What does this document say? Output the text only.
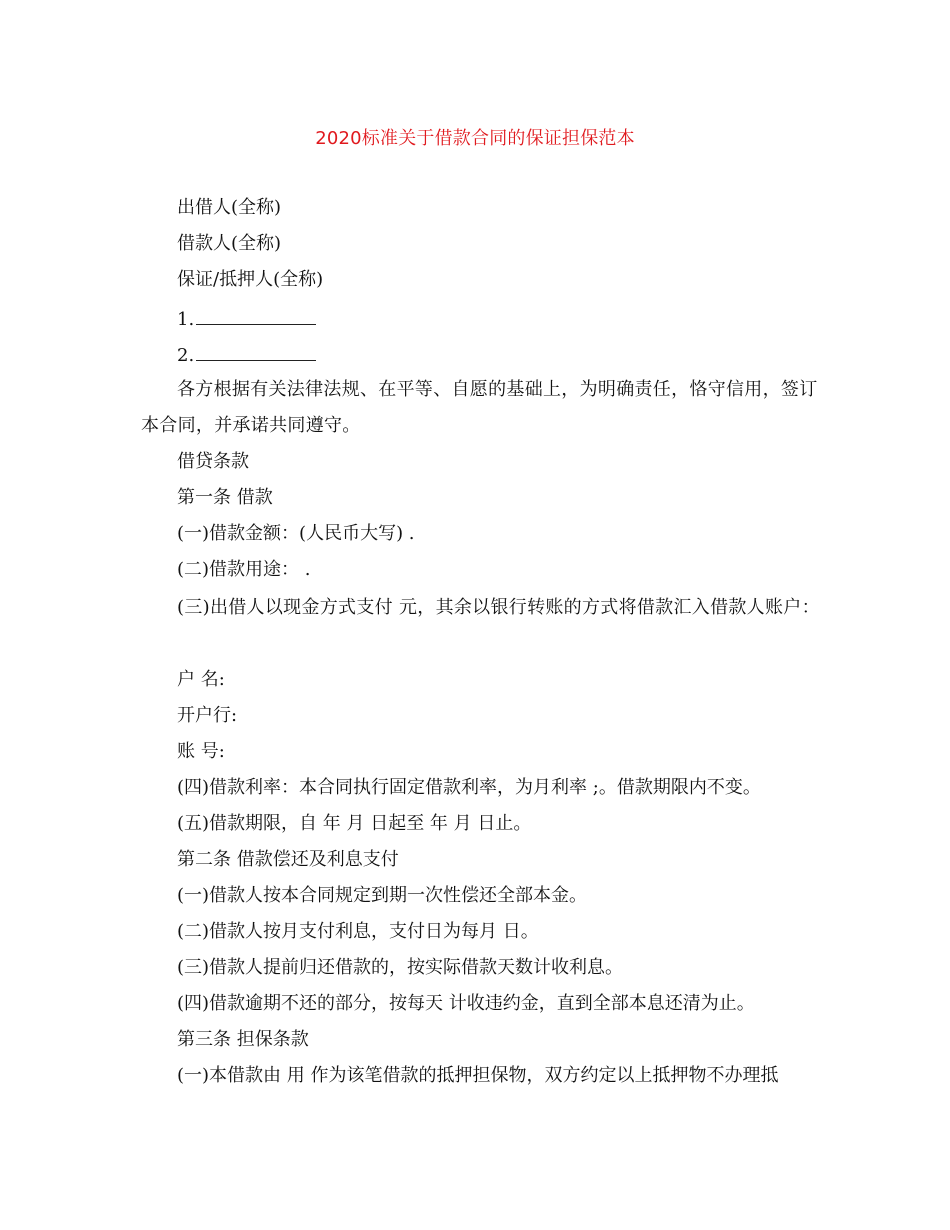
2020标准关于借款合同的保证担保范本
出借人(全称)
借款人(全称)
保证/抵押人(全称)
1.
2.
各方根据有关法律法规、在平等、自愿的基础上，为明确责任，恪守信用，签订本合同，并承诺共同遵守。
借贷条款
第一条 借款
(一)借款金额：(人民币大写) .
(二)借款用途： .
(三)出借人以现金方式支付 元，其余以银行转账的方式将借款汇入借款人账户：
户 名:
开户行:
账 号:
(四)借款利率：本合同执行固定借款利率，为月利率 ;。借款期限内不变。
(五)借款期限，自 年 月 日起至 年 月 日止。
第二条 借款偿还及利息支付
(一)借款人按本合同规定到期一次性偿还全部本金。
(二)借款人按月支付利息，支付日为每月 日。
(三)借款人提前归还借款的，按实际借款天数计收利息。
(四)借款逾期不还的部分，按每天 计收违约金，直到全部本息还清为止。
第三条 担保条款
(一)本借款由 用 作为该笔借款的抵押担保物，双方约定以上抵押物不办理抵
